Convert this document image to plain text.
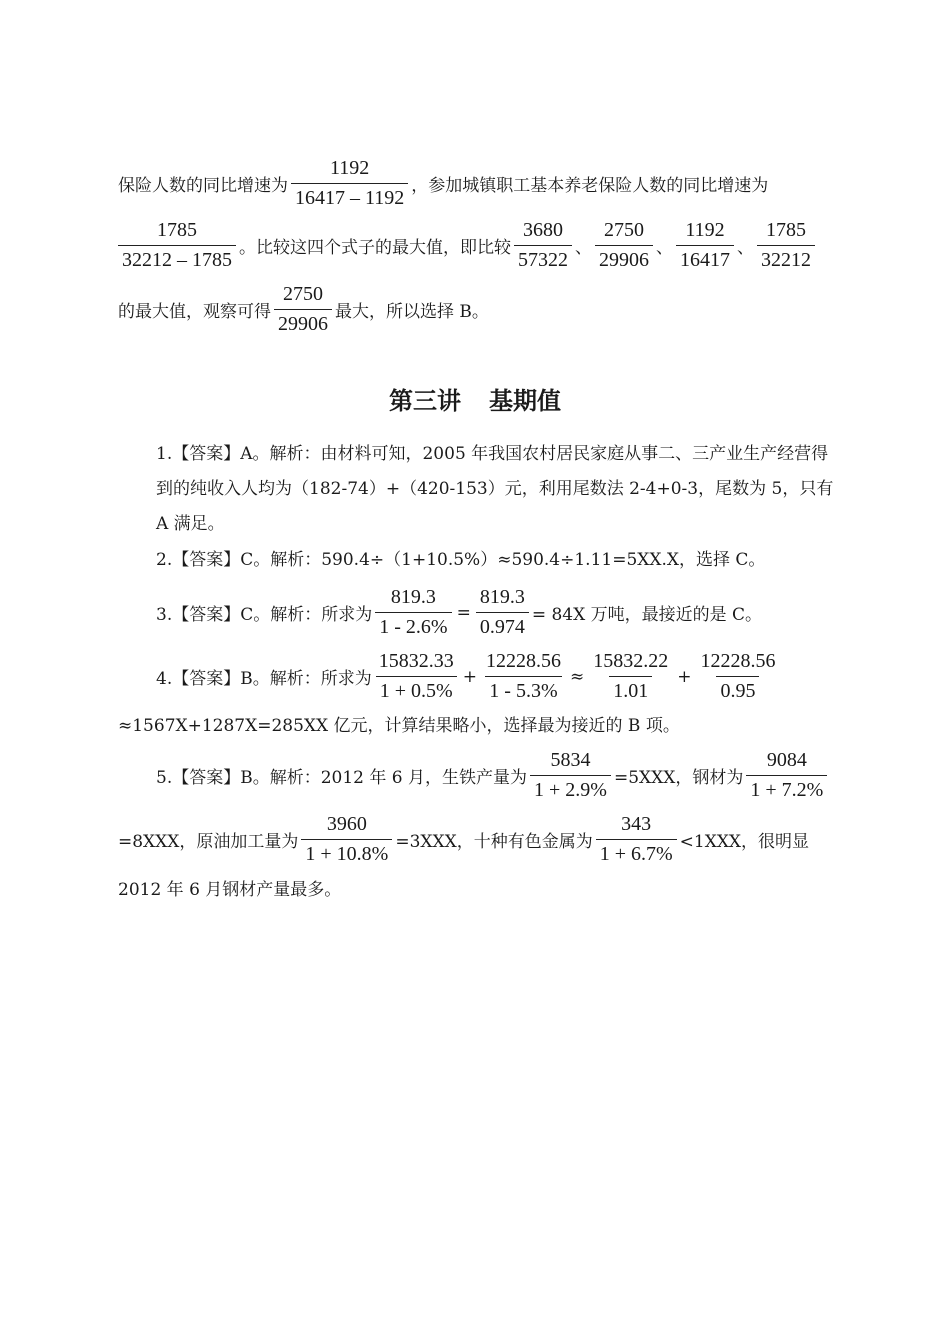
保险人数的同比增速为 $\frac{1192}{16417 - 1192}$ ，参加城镇职工基本养老保险人数的同比增速为
$\frac{1785}{32212 - 1785}$ 。比较这四个式子的最大值，即比较 $\frac{3680}{57322}$ 、 $\frac{2750}{29906}$ 、 $\frac{1192}{16417}$ 、 $\frac{1785}{32212}$
的最大值，观察可得 $\frac{2750}{29906}$ 最大，所以选择 B。
第三讲 基期值
1.【答案】A。解析：由材料可知，2005 年我国农村居民家庭从事二、三产业生产经营得到的纯收入人均为（182-74）+（420-153）元，利用尾数法 2-4+0-3，尾数为 5，只有 A 满足。
2.【答案】C。解析：590.4÷（1+10.5%）≈590.4÷1.11=5XX.X，选择 C。
3.【答案】C。解析：所求为 $\frac{819.3}{1 - 2.6\%} = \frac{819.3}{0.974} = 84X$ 万吨，最接近的是 C。
4.【答案】B。解析：所求为 $\frac{15832.33}{1 + 0.5\%} + \frac{12228.56}{1 - 5.3\%} \approx \frac{15832.22}{1.01} + \frac{12228.56}{0.95}$
≈1567X+1287X=285XX 亿元，计算结果略小，选择最为接近的 B 项。
5.【答案】B。解析：2012 年 6 月，生铁产量为 $\frac{5834}{1 + 2.9\%} =5XXX$，钢材为 $\frac{9084}{1 + 7.2\%}$
=8XXX，原油加工量为 $\frac{3960}{1 + 10.8\%} =3XXX$，十种有色金属为 $\frac{343}{1 + 6.7\%} <1XXX$，很明显
2012 年 6 月钢材产量最多。
